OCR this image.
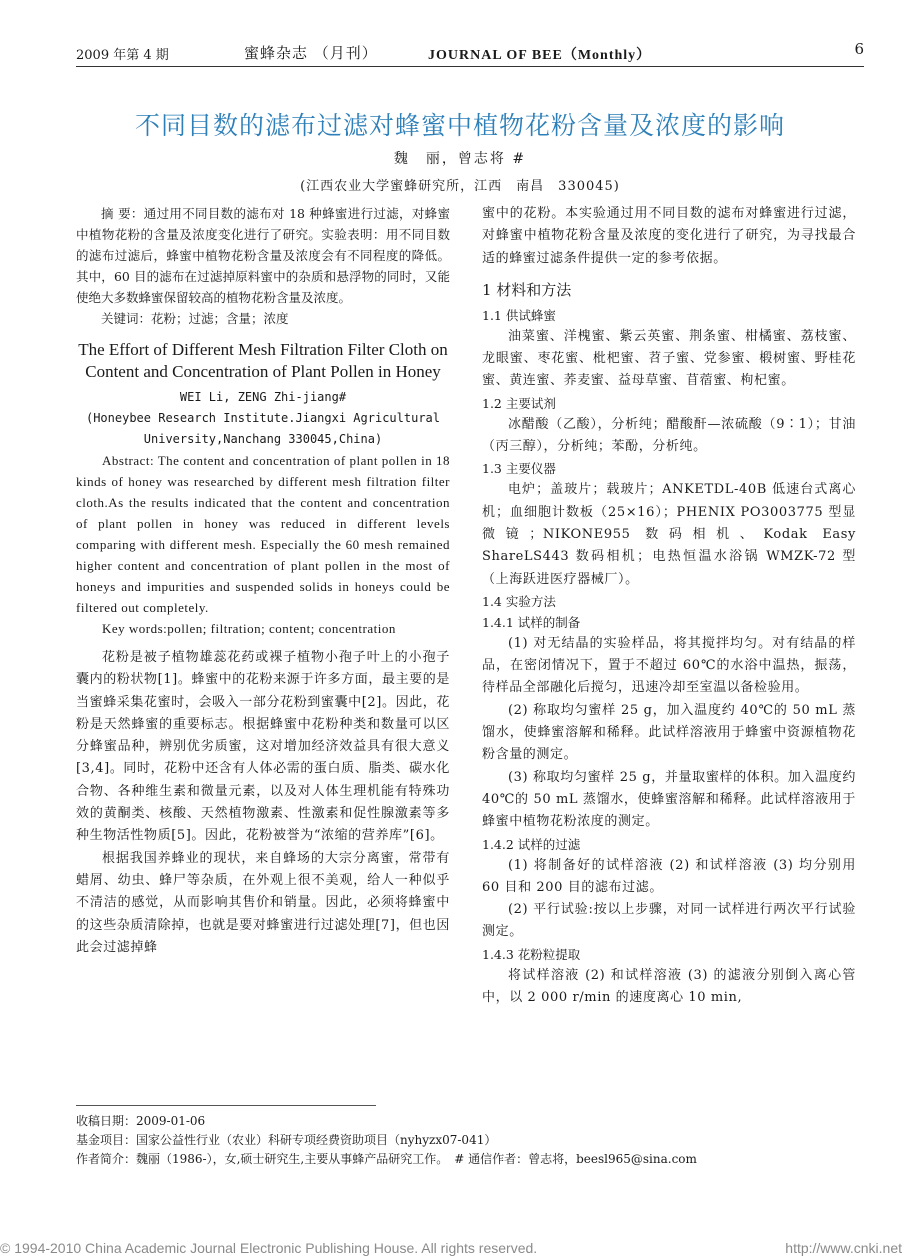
2009 年第 4 期	蜜蜂杂志 （月刊）	JOURNAL OF BEE（Monthly）	6
不同目数的滤布过滤对蜂蜜中植物花粉含量及浓度的影响
魏　丽，曾志将 #
(江西农业大学蜜蜂研究所，江西　南昌　330045)

摘 要：通过用不同目数的滤布对 18 种蜂蜜进行过滤，对蜂蜜中植物花粉的含量及浓度变化进行了研究。实验表明：用不同目数的滤布过滤后，蜂蜜中植物花粉含量及浓度会有不同程度的降低。其中，60 目的滤布在过滤掉原料蜜中的杂质和悬浮物的同时，又能使绝大多数蜂蜜保留较高的植物花粉含量及浓度。

关键词：花粉；过滤；含量；浓度

The Effort of Different Mesh Filtration Filter Cloth on Content and Concentration of Plant Pollen in Honey
WEI Li, ZENG Zhi-jiang#
(Honeybee Research Institute.Jiangxi Agricultural University,Nanchang 330045,China)

Abstract: The content and concentration of plant pollen in 18 kinds of honey was researched by different mesh filtration filter cloth.As the results indicated that the content and concentration of plant pollen in honey was reduced in different levels comparing with different mesh. Especially the 60 mesh remained higher content and concentration of plant pollen in the most of honeys and impurities and suspended solids in honeys could be filtered out completely.

Key words:pollen; filtration; content; concentration

花粉是被子植物雄蕊花药或裸子植物小孢子叶上的小孢子囊内的粉状物[1]。蜂蜜中的花粉来源于许多方面，最主要的是当蜜蜂采集花蜜时，会吸入一部分花粉到蜜囊中[2]。因此，花粉是天然蜂蜜的重要标志。根据蜂蜜中花粉种类和数量可以区分蜂蜜品种，辨别优劣质蜜，这对增加经济效益具有很大意义 [3,4]。同时，花粉中还含有人体必需的蛋白质、脂类、碳水化合物、各种维生素和微量元素，以及对人体生理机能有特殊功效的黄酮类、核酸、天然植物激素、性激素和促性腺激素等多种生物活性物质[5]。因此，花粉被誉为“浓缩的营养库”[6]。

根据我国养蜂业的现状，来自蜂场的大宗分离蜜，常带有蜡屑、幼虫、蜂尸等杂质，在外观上很不美观，给人一种似乎不清洁的感觉，从而影响其售价和销量。因此，必须将蜂蜜中的这些杂质清除掉，也就是要对蜂蜜进行过滤处理[7]，但也因此会过滤掉蜂

蜜中的花粉。本实验通过用不同目数的滤布对蜂蜜进行过滤，对蜂蜜中植物花粉含量及浓度的变化进行了研究，为寻找最合适的蜂蜜过滤条件提供一定的参考依据。

1 材料和方法
1.1 供试蜂蜜

油菜蜜、洋槐蜜、紫云英蜜、荆条蜜、柑橘蜜、荔枝蜜、龙眼蜜、枣花蜜、枇杷蜜、苕子蜜、党参蜜、椴树蜜、野桂花蜜、黄连蜜、荞麦蜜、益母草蜜、苜蓿蜜、枸杞蜜。

1.2 主要试剂

冰醋酸（乙酸），分析纯；醋酸酐—浓硫酸（9∶1）；甘油（丙三醇），分析纯；苯酚，分析纯。

1.3 主要仪器

电炉；盖玻片；载玻片；ANKETDL-40B 低速台式离心机；血细胞计数板（25×16）；PHENIX PO3003775 型显微镜；NIKONE955 数码相机、Kodak Easy ShareLS443 数码相机；电热恒温水浴锅 WMZK-72 型（上海跃进医疗器械厂）。

1.4 实验方法
1.4.1 试样的制备

(1) 对无结晶的实验样品，将其搅拌均匀。对有结晶的样品，在密闭情况下，置于不超过 60℃的水浴中温热，振荡，待样品全部融化后搅匀，迅速冷却至室温以备检验用。

(2) 称取均匀蜜样 25 g，加入温度约 40℃的 50 mL 蒸馏水，使蜂蜜溶解和稀释。此试样溶液用于蜂蜜中资源植物花粉含量的测定。

(3) 称取均匀蜜样 25 g，并量取蜜样的体积。加入温度约 40℃的 50 mL 蒸馏水，使蜂蜜溶解和稀释。此试样溶液用于蜂蜜中植物花粉浓度的测定。

1.4.2 试样的过滤

(1) 将制备好的试样溶液 (2) 和试样溶液 (3) 均分别用 60 目和 200 目的滤布过滤。

(2) 平行试验:按以上步骤，对同一试样进行两次平行试验测定。

1.4.3 花粉粒提取

将试样溶液 (2) 和试样溶液 (3) 的滤液分别倒入离心管中，以 2 000 r/min 的速度离心 10 min,

收稿日期：2009-01-06
基金项目：国家公益性行业（农业）科研专项经费资助项目（nyhyzx07-041）
作者简介：魏丽（1986-），女,硕士研究生,主要从事蜂产品研究工作。　# 通信作者：曾志将，beesl965@sina.com
© 1994-2010 China Academic Journal Electronic Publishing House. All rights reserved.	http://www.cnki.net
